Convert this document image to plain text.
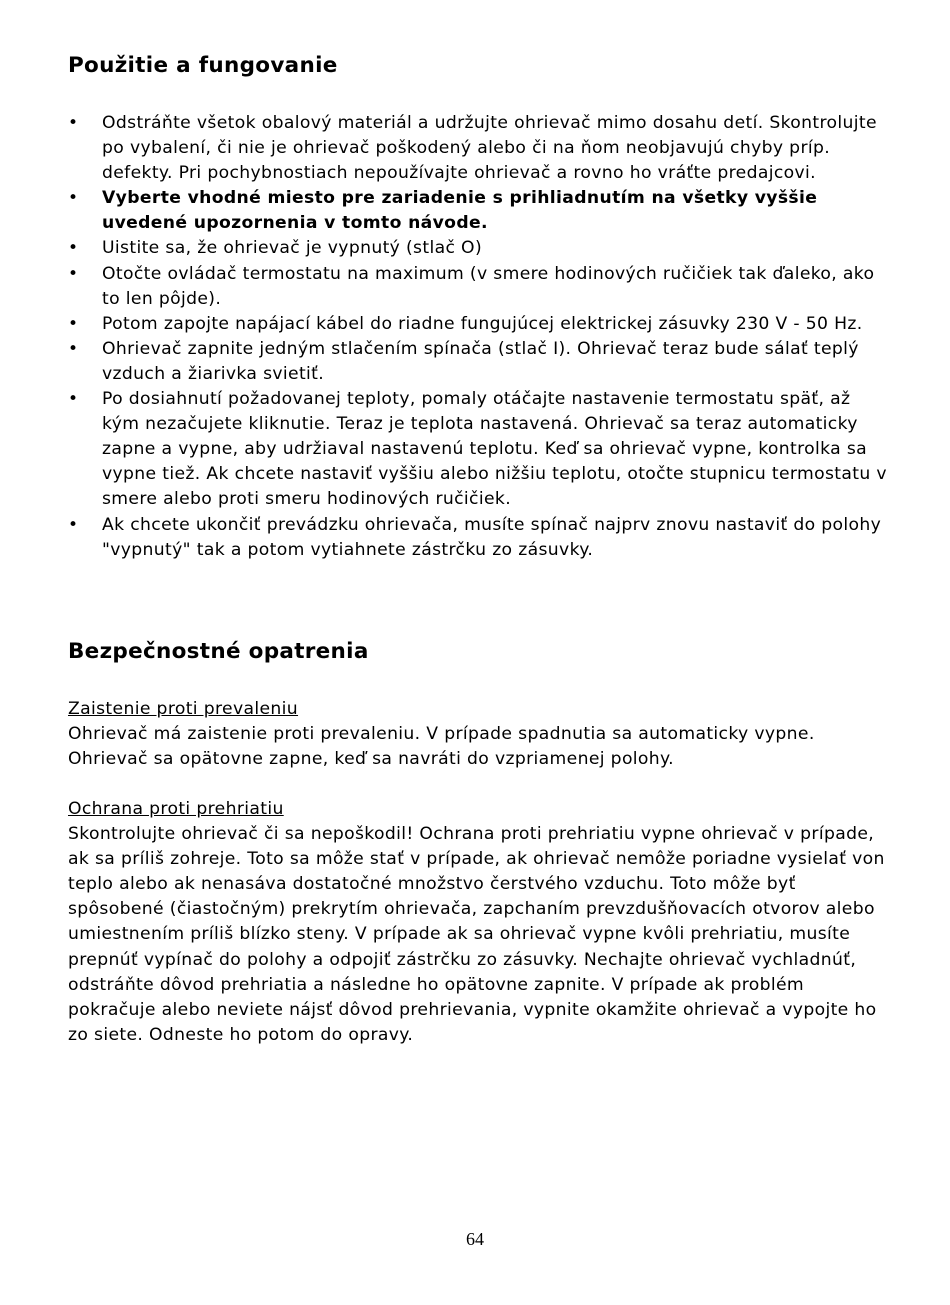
Použitie a fungovanie
• Odstráňte všetok obalový materiál a udržujte ohrievač mimo dosahu detí. Skontrolujte po vybalení, či nie je ohrievač poškodený alebo či na ňom neobjavujú chyby príp. defekty. Pri pochybnostiach nepoužívajte ohrievač a rovno ho vráťte predajcovi.
• Vyberte vhodné miesto pre zariadenie s prihliadnutím na všetky vyššie uvedené upozornenia v tomto návode.
• Uistite sa, že ohrievač je vypnutý (stlač O)
• Otočte ovládač termostatu na maximum (v smere hodinových ručičiek tak ďaleko, ako to len pôjde).
• Potom zapojte napájací kábel do riadne fungujúcej elektrickej zásuvky 230 V - 50 Hz.
• Ohrievač zapnite jedným stlačením spínača (stlač I). Ohrievač teraz bude sálať teplý vzduch a žiarivka svietiť.
• Po dosiahnutí požadovanej teploty, pomaly otáčajte nastavenie termostatu späť, až kým nezačujete kliknutie. Teraz je teplota nastavená. Ohrievač sa teraz automaticky zapne a vypne, aby udržiaval nastavenú teplotu. Keď sa ohrievač vypne, kontrolka sa vypne tiež. Ak chcete nastaviť vyššiu alebo nižšiu teplotu, otočte stupnicu termostatu v smere alebo proti smeru hodinových ručičiek.
• Ak chcete ukončiť prevádzku ohrievača, musíte spínač najprv znovu nastaviť do polohy "vypnutý" tak a potom vytiahnete zástrčku zo zásuvky.
Bezpečnostné opatrenia
Zaistenie proti prevaleniu

Ohrievač má zaistenie proti prevaleniu. V prípade spadnutia sa automaticky vypne. Ohrievač sa opätovne zapne, keď sa navráti do vzpriamenej polohy.

Ochrana proti prehriatiu

Skontrolujte ohrievač či sa nepoškodil! Ochrana proti prehriatiu vypne ohrievač v prípade, ak sa príliš zohreje. Toto sa môže stať v prípade, ak ohrievač nemôže poriadne vysielať von teplo alebo ak nenasáva dostatočné množstvo čerstvého vzduchu. Toto môže byť spôsobené (čiastočným) prekrytím ohrievača, zapchaním prevzdušňovacích otvorov alebo umiestnením príliš blízko steny. V prípade ak sa ohrievač vypne kvôli prehriatiu, musíte prepnúť vypínač do polohy a odpojiť zástrčku zo zásuvky. Nechajte ohrievač vychladnúť, odstráňte dôvod prehriatia a následne ho opätovne zapnite. V prípade ak problém pokračuje alebo neviete nájsť dôvod prehrievania, vypnite okamžite ohrievač a vypojte ho zo siete. Odneste ho potom do opravy.

64
